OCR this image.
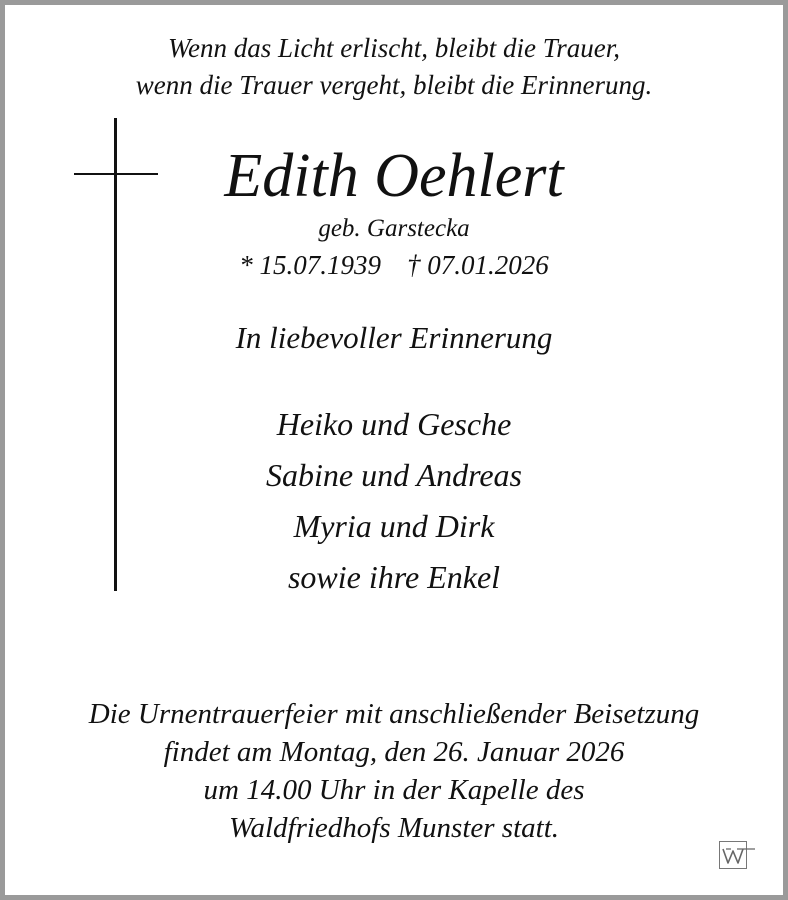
Wenn das Licht erlischt, bleibt die Trauer,
wenn die Trauer vergeht, bleibt die Erinnerung.
Edith Oehlert
geb. Garstecka
* 15.07.1939 † 07.01.2026
In liebevoller Erinnerung
Heiko und Gesche
Sabine und Andreas
Myria und Dirk
sowie ihre Enkel
Die Urnentrauerfeier mit anschließender Beisetzung
findet am Montag, den 26. Januar 2026
um 14.00 Uhr in der Kapelle des
Waldfriedhofs Munster statt.
